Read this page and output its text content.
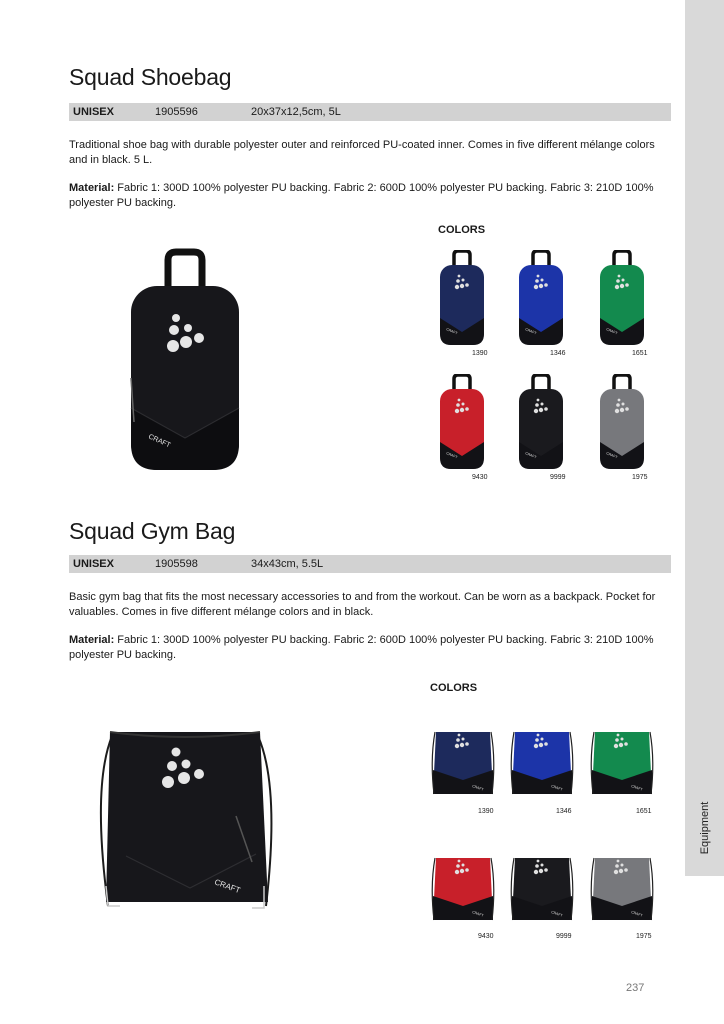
Equipment
Squad Shoebag
UNISEX	1905596	20x37x12,5cm, 5L

Traditional shoe bag with durable polyester outer and reinforced PU-coated inner. Comes in five different mélange colors and in black. 5 L.

Material: Fabric 1: 300D 100% polyester PU backing. Fabric 2: 600D 100% polyester PU backing. Fabric 3: 210D 100% polyester PU backing.

CRAFT
COLORS
CRAFT
1390
CRAFT
1346
CRAFT
1651
CRAFT
9430
CRAFT
9999
CRAFT
1975
Squad Gym Bag
UNISEX	1905598	34x43cm, 5.5L

Basic gym bag that fits the most necessary accessories to and from the workout. Can be worn as a backpack. Pocket for valuables. Comes in five different mélange colors and in black.

Material: Fabric 1: 300D 100% polyester PU backing. Fabric 2: 600D 100% polyester PU backing. Fabric 3: 210D 100% polyester PU backing.

CRAFT
COLORS
CRAFT
1390
CRAFT
1346
CRAFT
1651
CRAFT
9430
CRAFT
9999
CRAFT
1975
237
